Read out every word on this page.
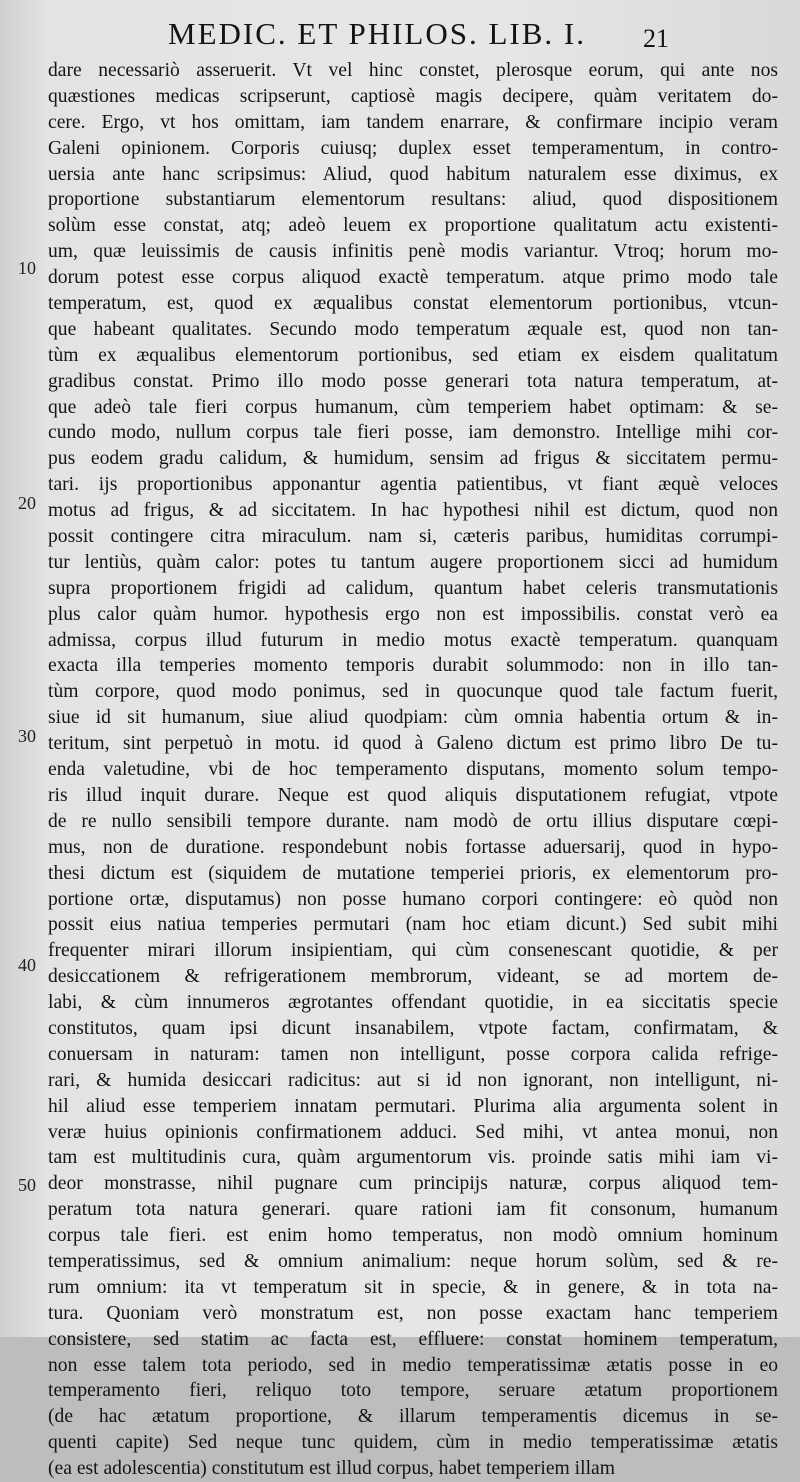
MEDIC. ET PHILOS. LIB. I. 21
10
20
30
40
50
dare necessariò asseruerit. Vt vel hinc constet, plerosque eorum, qui ante nos
quæstiones medicas scripserunt, captiosè magis decipere, quàm veritatem do-
cere. Ergo, vt hos omittam, iam tandem enarrare, & confirmare incipio veram
Galeni opinionem. Corporis cuiusq; duplex esset temperamentum, in contro-
uersia ante hanc scripsimus: Aliud, quod habitum naturalem esse diximus, ex
proportione substantiarum elementorum resultans: aliud, quod dispositionem
solùm esse constat, atq; adeò leuem ex proportione qualitatum actu existenti-
um, quæ leuissimis de causis infinitis penè modis variantur. Vtroq; horum mo-
dorum potest esse corpus aliquod exactè temperatum. atque primo modo tale
temperatum, est, quod ex æqualibus constat elementorum portionibus, vtcun-
que habeant qualitates. Secundo modo temperatum æquale est, quod non tan-
tùm ex æqualibus elementorum portionibus, sed etiam ex eisdem qualitatum
gradibus constat. Primo illo modo posse generari tota natura temperatum, at-
que adeò tale fieri corpus humanum, cùm temperiem habet optimam: & se-
cundo modo, nullum corpus tale fieri posse, iam demonstro. Intellige mihi cor-
pus eodem gradu calidum, & humidum, sensim ad frigus & siccitatem permu-
tari. ijs proportionibus apponantur agentia patientibus, vt fiant æquè veloces
motus ad frigus, & ad siccitatem. In hac hypothesi nihil est dictum, quod non
possit contingere citra miraculum. nam si, cæteris paribus, humiditas corrumpi-
tur lentiùs, quàm calor: potes tu tantum augere proportionem sicci ad humidum
supra proportionem frigidi ad calidum, quantum habet celeris transmutationis
plus calor quàm humor. hypothesis ergo non est impossibilis. constat verò ea
admissa, corpus illud futurum in medio motus exactè temperatum. quanquam
exacta illa temperies momento temporis durabit solummodo: non in illo tan-
tùm corpore, quod modo ponimus, sed in quocunque quod tale factum fuerit,
siue id sit humanum, siue aliud quodpiam: cùm omnia habentia ortum & in-
teritum, sint perpetuò in motu. id quod à Galeno dictum est primo libro De tu-
enda valetudine, vbi de hoc temperamento disputans, momento solum tempo-
ris illud inquit durare. Neque est quod aliquis disputationem refugiat, vtpote
de re nullo sensibili tempore durante. nam modò de ortu illius disputare cœpi-
mus, non de duratione. respondebunt nobis fortasse aduersarij, quod in hypo-
thesi dictum est (siquidem de mutatione temperiei prioris, ex elementorum pro-
portione ortæ, disputamus) non posse humano corpori contingere: eò quòd non
possit eius natiua temperies permutari (nam hoc etiam dicunt.) Sed subit mihi
frequenter mirari illorum insipientiam, qui cùm consenescant quotidie, & per
desiccationem & refrigerationem membrorum, videant, se ad mortem de-
labi, & cùm innumeros ægrotantes offendant quotidie, in ea siccitatis specie
constitutos, quam ipsi dicunt insanabilem, vtpote factam, confirmatam, &
conuersam in naturam: tamen non intelligunt, posse corpora calida refrige-
rari, & humida desiccari radicitus: aut si id non ignorant, non intelligunt, ni-
hil aliud esse temperiem innatam permutari. Plurima alia argumenta solent in
veræ huius opinionis confirmationem adduci. Sed mihi, vt antea monui, non
tam est multitudinis cura, quàm argumentorum vis. proinde satis mihi iam vi-
deor monstrasse, nihil pugnare cum principijs naturæ, corpus aliquod tem-
peratum tota natura generari. quare rationi iam fit consonum, humanum
corpus tale fieri. est enim homo temperatus, non modò omnium hominum
temperatissimus, sed & omnium animalium: neque horum solùm, sed & re-
rum omnium: ita vt temperatum sit in specie, & in genere, & in tota na-
tura. Quoniam verò monstratum est, non posse exactam hanc temperiem
consistere, sed statim ac facta est, effluere: constat hominem temperatum,
non esse talem tota periodo, sed in medio temperatissimæ ætatis posse in eo
temperamento fieri, reliquo toto tempore, seruare ætatum proportionem
(de hac ætatum proportione, & illarum temperamentis dicemus in se-
quenti capite) Sed neque tunc quidem, cùm in medio temperatissimæ ætatis
(ea est adolescentia) constitutum est illud corpus, habet temperiem illam
